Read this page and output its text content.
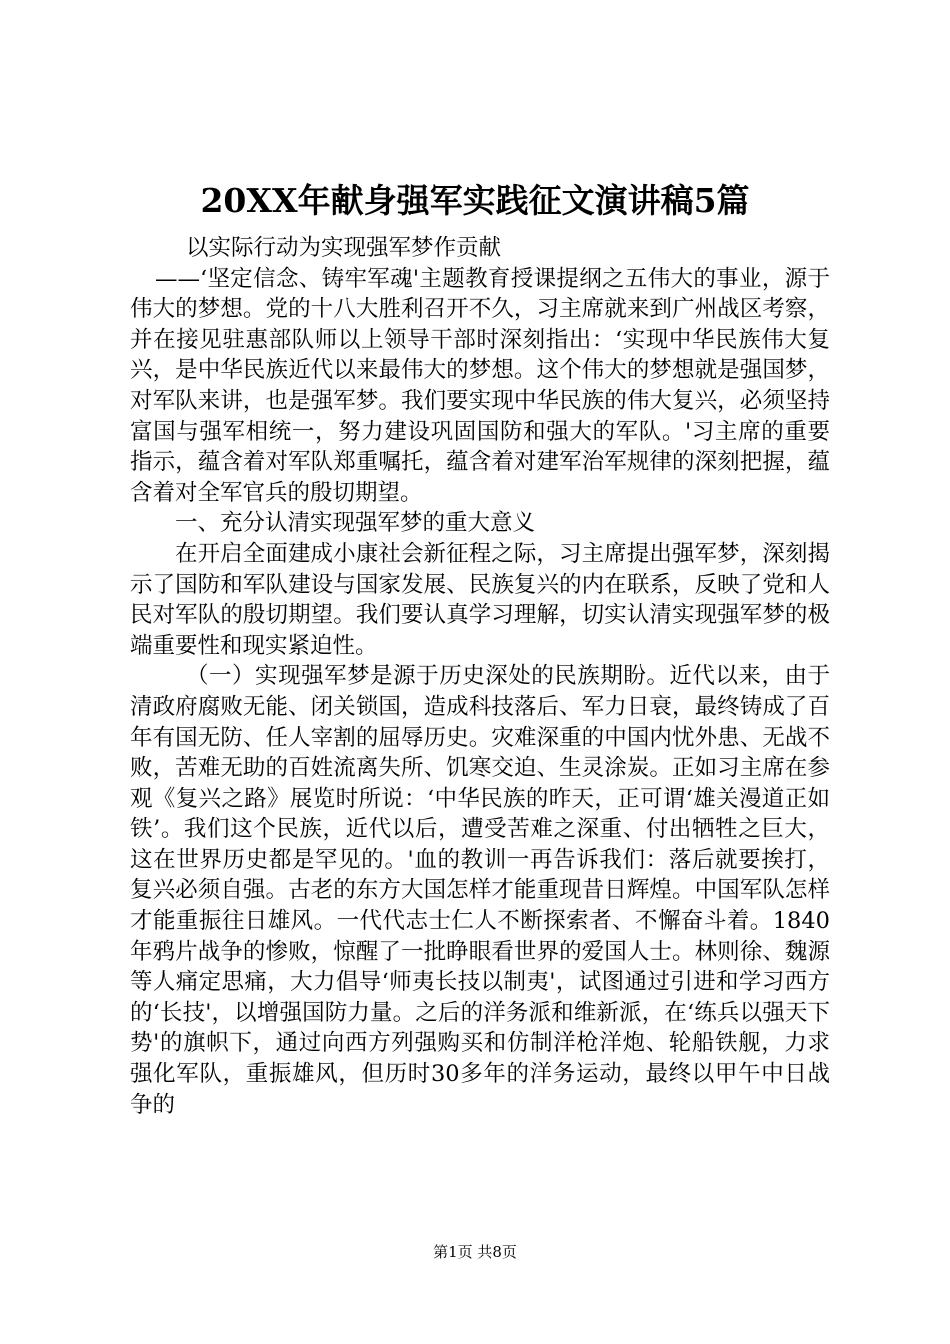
20XX年献身强军实践征文演讲稿5篇

以实际行动为实现强军梦作贡献

——‘坚定信念、铸牢军魂'主题教育授课提纲之五伟大的事业，源于伟大的梦想。党的十八大胜利召开不久，习主席就来到广州战区考察，并在接见驻惠部队师以上领导干部时深刻指出：‘实现中华民族伟大复兴，是中华民族近代以来最伟大的梦想。这个伟大的梦想就是强国梦，对军队来讲，也是强军梦。我们要实现中华民族的伟大复兴，必须坚持富国与强军相统一，努力建设巩固国防和强大的军队。'习主席的重要指示，蕴含着对军队郑重嘱托，蕴含着对建军治军规律的深刻把握，蕴含着对全军官兵的殷切期望。

一、充分认清实现强军梦的重大意义

在开启全面建成小康社会新征程之际，习主席提出强军梦，深刻揭示了国防和军队建设与国家发展、民族复兴的内在联系，反映了党和人民对军队的殷切期望。我们要认真学习理解，切实认清实现强军梦的极端重要性和现实紧迫性。

（一）实现强军梦是源于历史深处的民族期盼。近代以来，由于清政府腐败无能、闭关锁国，造成科技落后、军力日衰，最终铸成了百年有国无防、任人宰割的屈辱历史。灾难深重的中国内忧外患、无战不败，苦难无助的百姓流离失所、饥寒交迫、生灵涂炭。正如习主席在参观《复兴之路》展览时所说：‘中华民族的昨天，正可谓‘雄关漫道正如铁’。我们这个民族，近代以后，遭受苦难之深重、付出牺牲之巨大，这在世界历史都是罕见的。'血的教训一再告诉我们：落后就要挨打，复兴必须自强。古老的东方大国怎样才能重现昔日辉煌。中国军队怎样才能重振往日雄风。一代代志士仁人不断探索者、不懈奋斗着。1840年鸦片战争的惨败，惊醒了一批睁眼看世界的爱国人士。林则徐、魏源等人痛定思痛，大力倡导‘师夷长技以制夷'，试图通过引进和学习西方的‘长技'，以增强国防力量。之后的洋务派和维新派，在‘练兵以强天下势'的旗帜下，通过向西方列强购买和仿制洋枪洋炮、轮船铁舰，力求强化军队，重振雄风，但历时30多年的洋务运动，最终以甲午中日战争的

第1页 共8页
